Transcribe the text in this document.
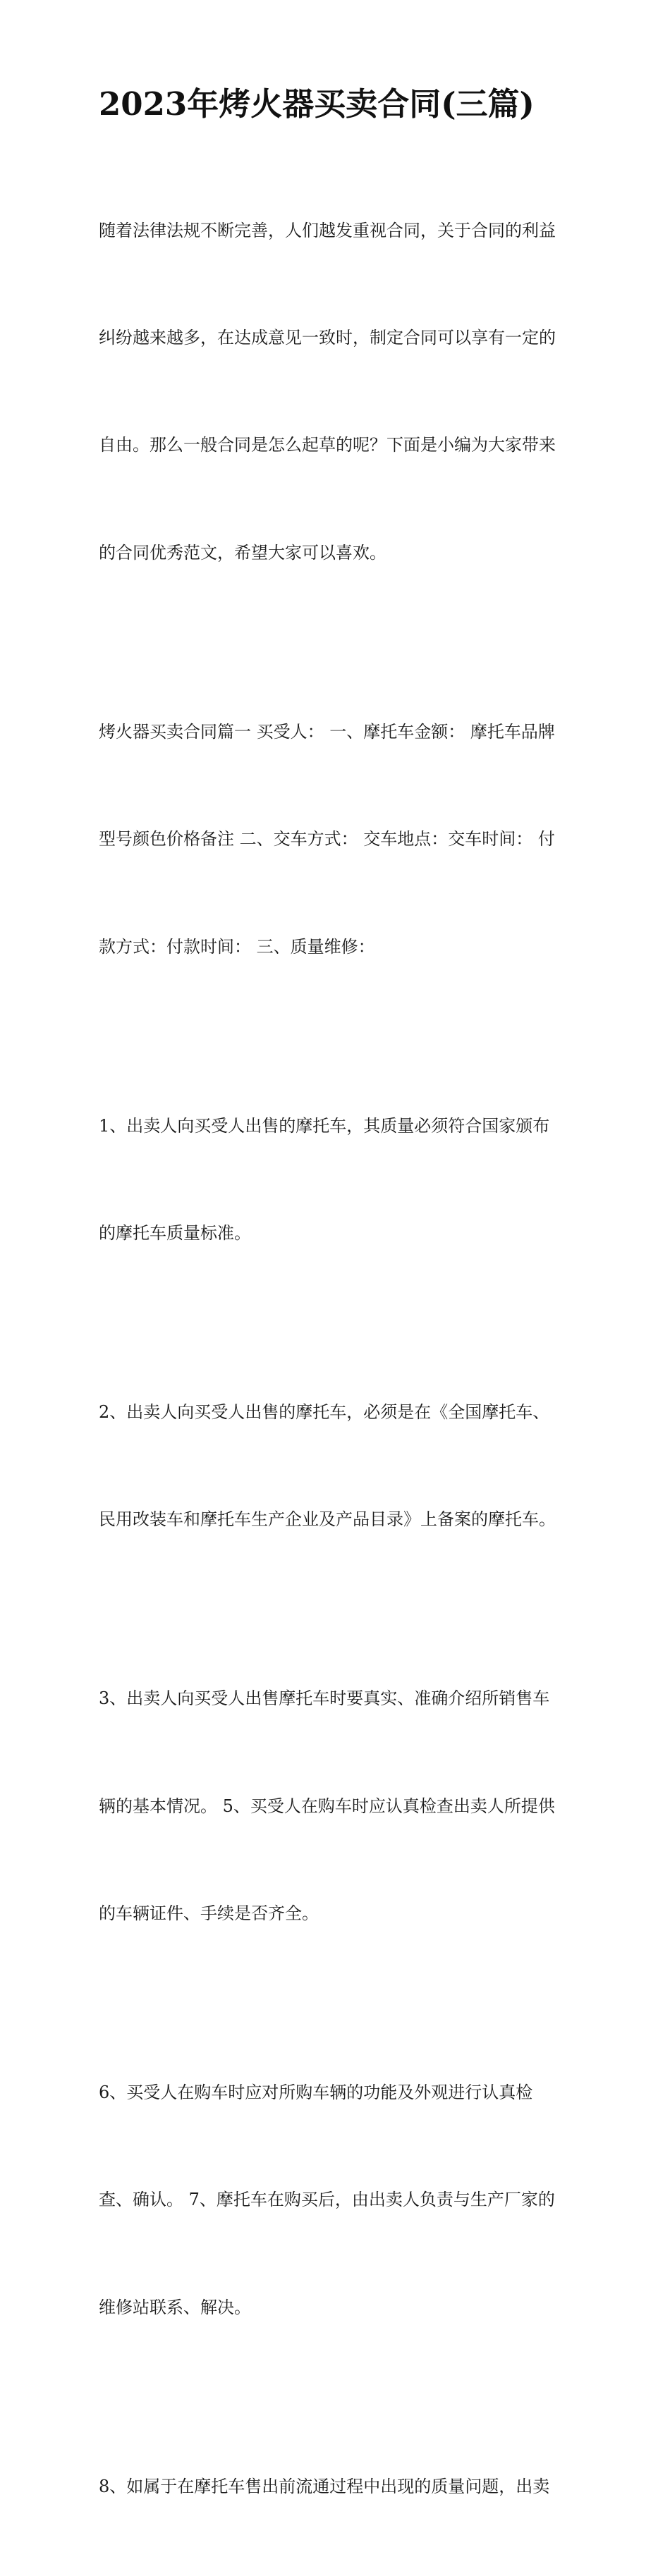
2023年烤火器买卖合同(三篇)

随着法律法规不断完善，人们越发重视合同，关于合同的利益

纠纷越来越多，在达成意见一致时，制定合同可以享有一定的

自由。那么一般合同是怎么起草的呢？下面是小编为大家带来

的合同优秀范文，希望大家可以喜欢。

烤火器买卖合同篇一 买受人： 一、摩托车金额： 摩托车品牌

型号颜色价格备注 二、交车方式： 交车地点：交车时间： 付

款方式：付款时间： 三、质量维修：

1、出卖人向买受人出售的摩托车，其质量必须符合国家颁布

的摩托车质量标准。

2、出卖人向买受人出售的摩托车，必须是在《全国摩托车、

民用改装车和摩托车生产企业及产品目录》上备案的摩托车。

3、出卖人向买受人出售摩托车时要真实、准确介绍所销售车

辆的基本情况。 5、买受人在购车时应认真检查出卖人所提供

的车辆证件、手续是否齐全。

6、买受人在购车时应对所购车辆的功能及外观进行认真检

查、确认。 7、摩托车在购买后，由出卖人负责与生产厂家的

维修站联系、解决。

8、如属于在摩托车售出前流通过程中出现的质量问题，出卖
